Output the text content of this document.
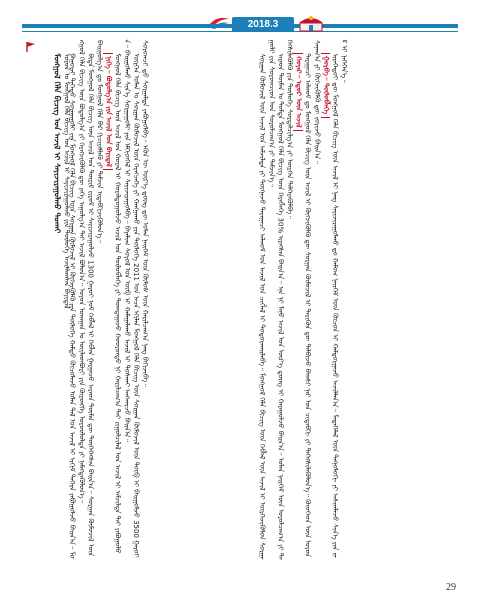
2018.3

ᠮᠣᠩᠭᠣᠯ ᠬᠡᠯᠡ ᠪᠢᠴᠢᠭ ᠤᠨ ᠠᠵᠢᠯ ᠢ ᠰᠠᠶᠢᠵᠢᠷᠠᠭᠤᠯᠬᠤ ᠲᠤᠬᠠᠢ
ᠣᠷᠣᠨ ᠤ ᠮᠣᠩᠭᠣᠯ ᠬᠡᠯᠡ ᠪᠢᠴᠢᠭ ᠤᠨ ᠠᠵᠢᠯ ᠢ ᠰᠠᠶᠢᠵᠢᠷᠠᠭᠤᠯᠬᠤ ᠶᠢᠨ ᠲᠥᠯᠥᠭᠡ ᠠᠵᠢᠯᠯᠠᠭᠰᠠᠨ ᠪᠠᠶᠢᠳᠠᠯ

ᠪᠠᠭᠤᠷᠠᠢ ᠳᠡᠭᠡᠳᠦ ᠰᠤᠷᠭᠠᠭᠤᠯᠢ ᠶᠢᠨ ᠮᠣᠩᠭᠣᠯ ᠬᠡᠯᠡ ᠪᠢᠴᠢᠭ ᠦᠨ ᠰᠤᠷᠭᠠᠨ ᠬᠦᠮᠦᠵᠢᠯ ᠢ ᠬᠥᠭᠵᠢᠭᠦᠯᠬᠦ ᠶᠢᠨ ᠲᠥᠯᠥᠭᠡ ᠬᠠᠮᠲᠤ ᠬᠦᠴᠦᠯᠡᠵᠦ ᠣᠯᠠᠨ ᠲᠠᠯ ᠤᠨ ᠠᠵᠢᠯ ᠢ ᠡᠷᠭᠢᠮ ᠳᠡᠭᠡᠷᠡ ᠶᠠᠪᠤᠭᠤᠯᠵᠤ ᠪᠠᠢᠨ᠎ᠠ᠃ ᠮᠣᠩᠭᠣᠯ ᠬᠡᠯᠡ ᠪᠢᠴᠢᠭ ᠦᠨ ᠪᠤᠳᠤᠯᠭ᠎ᠠ ᠶᠢ ᠬᠡᠷᠡᠭᠵᠢᠭᠦᠯᠬᠦ ᠳᠦ ᠶᠡᠬᠡ ᠠᠭᠤᠯᠭ᠎ᠠ ᠲᠠᠢ ᠠᠵᠢᠯ ᠪᠣᠯᠤᠨ᠎ᠠ᠃ ᠣᠶᠤᠨ ᠤᠬᠠᠭᠠᠨ ᠤ ᠦᠢᠯᠡᠳᠪᠦᠷᠢ ᠶᠢᠨ ᠬᠥᠷᠥᠩᠭᠡ ᠣᠷᠤᠤᠯᠤᠯᠲᠠ ᠶᠢ ᠨᠡᠮᠡᠭᠳᠡᠭᠦᠯᠦᠨ᠎ᠡ᠃
ᠪᠢᠳᠡ ᠮᠣᠩᠭᠣᠯ ᠬᠡᠯᠡ ᠪᠢᠴᠢᠭ ᠦᠨ ᠠᠵᠢᠯ ᠤᠨ ᠳᠦᠷᠢᠮ ᠵᠢᠷᠤᠮ ᠢ ᠰᠠᠶᠢᠵᠢᠷᠠᠭᠤᠯᠵᠤ 1300 ᠭᠠᠷᠤᠢ ᠨᠣᠮ ᠬᠡᠪᠯᠡᠯ ᠢ ᠬᠡᠪᠯᠡᠨ ᠭᠠᠷᠭᠠᠵᠤ ᠠᠷᠠᠳ ᠲᠦᠮᠡᠨ ᠳᠦ ᠲᠦᠭᠡᠭᠡᠭᠰᠡᠨ ᠪᠠᠢᠨ᠎ᠠ᠃ ᠰᠤᠷᠭᠠᠨ ᠬᠦᠮᠦᠵᠢᠯ ᠦᠨ ᠪᠠᠢᠭᠤᠯᠭ᠎ᠠ ᠳᠤ ᠮᠣᠩᠭᠣᠯ ᠬᠡᠯᠡ ᠪᠡᠷ ᠬᠢᠴᠢᠶᠡᠯᠯᠡᠬᠦ ᠶᠢ ᠳᠡᠮᠵᠢᠨ ᠢᠳᠡᠪᠬᠢᠵᠢᠭᠦᠯᠦᠨ᠎ᠡ᠃
ᠨᠢᠭᠡ᠃ ᠪᠣᠳᠣᠯᠭ᠎ᠠ ᠵᠢᠨ ᠠᠵᠢᠯ ᠤᠨ ᠪᠠᠶᠢᠳᠠᠯ
ᠮᠣᠩᠭᠣᠯ ᠬᠡᠯᠡ ᠪᠢᠴᠢᠭ ᠦᠨ ᠠᠵᠢᠯ ᠤᠨ ᠬᠤᠷᠠᠯ ᠢ ᠬᠤᠷᠠᠯᠳᠤᠭᠤᠯᠵᠤ ᠠᠵᠢᠯ ᠤᠨ ᠲᠥᠯᠥᠪᠯᠡᠭᠡ ᠶᠢ ᠲᠣᠭᠲᠠᠭᠠᠵᠤ ᠬᠣᠣᠷᠣᠨᠳᠣ ᠨᠢ ᠬᠠᠷᠢᠯᠴᠠᠭ᠎ᠠ ᠲᠠᠢ ᠵᠢᠭᠤᠯᠴᠢᠯᠠᠯ ᠤᠨ ᠠᠵᠢᠯ ᠢ ᠠᠮᠵᠢᠯᠲᠠ ᠲᠠᠢ ᠶᠠᠪᠤᠭᠤᠯᠪᠠ᠃ ᠪᠠᠢᠭᠤᠯᠬᠤ ᠰᠢᠨ᠎ᠡ ᠰᠤᠷᠭᠠᠭᠤᠯᠢ ᠶᠢᠨ ᠡᠮᠬᠢᠳᠬᠡᠯ ᠢ ᠰᠠᠶᠢᠵᠢᠷᠠᠭᠤᠯᠪᠠ᠃ ᠪᠠᠶᠠᠯᠢᠭ ᠰᠣᠶᠣᠯ ᠤᠨ ᠥᠪ ᠢ ᠬᠠᠮᠠᠭᠠᠯᠠᠬᠤ ᠠᠵᠢᠯ ᠢ ᠲᠤᠰᠬᠠᠢ ᠠᠩᠬᠠᠷᠴᠤ ᠪᠠᠢᠨ᠎ᠠ᠃
ᠥᠷᠭᠡᠨ ᠣᠯᠠᠨ ᠤ ᠰᠤᠷᠭᠠᠨ ᠬᠦᠮᠦᠵᠢᠯ ᠦᠨ ᠬᠡᠷᠡᠭᠴᠡᠭᠡ ᠶᠢ ᠬᠠᠩᠭᠠᠬᠤ ᠶᠢᠨ ᠲᠥᠯᠥᠭᠡ 2011 ᠣᠨ ᠠᠴᠠ ᠡᠬᠢᠯᠡᠨ ᠮᠣᠩᠭᠣᠯ ᠬᠡᠯᠡ ᠪᠢᠴᠢᠭ ᠦᠨ ᠰᠤᠷᠭᠠᠨ ᠬᠦᠮᠦᠵᠢᠯ ᠦᠨ ᠲᠥᠪ ᠢ ᠪᠠᠢᠭᠤᠯᠵᠤ 3500 ᠭᠠᠷᠤᠢ ᠰᠤᠷᠤᠭᠴᠢ ᠳ᠋ᠤ ᠰᠤᠷᠭᠠᠯᠲᠠ ᠶᠠᠪᠤᠭᠤᠯᠪᠠ᠃ ᠡᠭᠦᠨ ᠦ ᠦᠷ᠎ᠡ ᠳ᠋ᠦᠩ ᠳᠦ ᠣᠯᠠᠨ ᠨᠡᠢᠭᠡᠮ ᠦᠨ ᠬᠦᠮᠦᠰ ᠦᠨ ᠬᠠᠷᠢᠯᠴᠠᠭ᠎ᠠ ᠨᠡᠩ ᠪᠡᠬᠢᠵᠢᠪᠡ᠃
	ᠰᠤᠷᠭᠠᠨ ᠬᠦᠮᠦᠵᠢᠯ ᠦᠨ ᠠᠵᠢᠯ ᠤᠨ ᠠᠮᠵᠢᠯᠲᠠ ᠶᠢ ᠳᠦᠭᠨᠡᠵᠦ ᠳᠠᠷᠠᠭᠠᠴᠢ ᠠᠯᠬᠤᠮ ᠤᠨ ᠠᠵᠢᠯ ᠤᠨ ᠴᠢᠭᠯᠡᠯ ᠢ ᠲᠣᠳᠤᠷᠬᠠᠢᠯᠠᠪᠠ᠃ ᠮᠣᠩᠭᠣᠯ ᠬᠡᠯᠡ ᠪᠢᠴᠢᠭ ᠦᠨ ᠬᠡᠪᠯᠡᠯ ᠦᠨ ᠠᠵᠢᠯ ᠢ ᠥᠷᠭᠡᠵᠢᠭᠦᠯᠦᠨ ᠰᠤᠷᠭᠠᠭᠤᠯᠢ ᠶᠢᠨ ᠰᠤᠷᠤᠭᠴᠢᠳ ᠤᠨ ᠰᠤᠷᠤᠯᠴᠠᠭ᠎ᠠ ᠶᠢ ᠳᠡᠮᠵᠢᠨ᠎ᠡ᠃
ᠠᠷᠠᠳ ᠲᠦᠮᠡᠨ ᠤ ᠳᠤᠮᠳᠠ ᠮᠣᠩᠭᠣᠯ ᠬᠡᠯᠡ ᠪᠢᠴᠢᠭ ᠦᠨ ᠬᠡᠷᠡᠭᠯᠡᠭᠡ 30% ᠢᠷᠡᠭᠰᠡᠨ ᠪᠠᠢᠨ᠎ᠠ᠃ ᠡᠨᠡ ᠨᠢ ᠮᠠᠨᠤ ᠠᠵᠢᠯ ᠤᠨ ᠦᠷ᠎ᠡ ᠳ᠋ᠦᠩ ᠢ ᠬᠠᠷᠠᠭᠤᠯᠵᠤ ᠪᠠᠢᠨ᠎ᠠ᠃ ᠣᠯᠠᠨ ᠨᠡᠢᠭᠡᠮ ᠦᠨ ᠣᠷᠣᠯᠴᠠᠭ᠎ᠠ ᠶᠢ ᠳᠡᠭᠡᠭᠰᠢᠯᠡᠭᠦᠯᠬᠦ ᠶᠢᠨ ᠲᠥᠯᠥᠭᠡ ᠰᠤᠷᠲᠠᠯᠴᠢᠯᠭ᠎ᠠ ᠶᠢ ᠥᠷᠭᠡᠨ ᠳᠡᠯᠭᠡᠷᠡᠭᠦᠯᠪᠡ᠃
ᠬᠣᠶᠠᠷ᠃ ᠡᠳᠦᠷ ᠦᠨ ᠠᠵᠢᠯ
ᠳᠠᠷᠠᠭᠠᠴᠢ ᠠᠯᠬᠤᠮ ᠳᠤ ᠮᠣᠩᠭᠣᠯ ᠬᠡᠯᠡ ᠪᠢᠴᠢᠭ ᠦᠨ ᠠᠵᠢᠯ ᠢ ᠬᠥᠭᠵᠢᠭᠦᠯᠬᠦ ᠳᠦ ᠰᠤᠷᠭᠠᠨ ᠬᠦᠮᠦᠵᠢᠯ ᠢ ᠲᠡᠷᠢᠭᠦᠨ ᠳᠦ ᠲᠠᠯᠪᠢᠵᠤ ᠪᠠᠭᠰᠢ ᠨᠠᠷ ᠤᠨ ᠴᠢᠳᠠᠪᠬᠢ ᠶᠢ ᠳᠡᠭᠡᠭᠰᠢᠯᠡᠭᠦᠯᠦᠨ᠎ᠡ᠃ ᠬᠦᠦᠬᠡᠳ ᠦᠨ ᠣᠶᠤᠨ ᠰᠠᠨᠠᠭ᠎ᠠ ᠶᠢ ᠬᠥᠭᠵᠢᠭᠦᠯᠬᠦ ᠳᠦ ᠵᠣᠷᠢᠵᠤ ᠪᠠᠢᠨ᠎ᠠ᠃
ᠭᠤᠷᠪᠠ᠃ ᠲᠥᠯᠥᠪᠯᠡᠭᠡ
ᠢᠷᠡᠭᠡᠳᠦᠢ ᠳᠦ ᠮᠣᠩᠭᠣᠯ ᠬᠡᠯᠡ ᠪᠢᠴᠢᠭ ᠦᠨ ᠠᠵᠢᠯ ᠢ ᠨᠡᠩ ᠰᠠᠶᠢᠵᠢᠷᠠᠭᠤᠯᠬᠤ ᠳᠤ ᠬᠠᠮᠤᠭ ᠨᠡᠢᠭᠡᠮ ᠦᠨ ᠬᠦᠴᠦᠨ ᠢ ᠬᠠᠮᠲᠤᠷᠭᠠᠵᠤ ᠠᠵᠢᠯᠯᠠᠨ᠎ᠠ᠃ ᠮᠡᠳᠡᠭᠡᠯᠡᠯ ᠦᠨ ᠲᠡᠭᠨᠣᠯᠣᠭᠢ ᠶᠢ ᠠᠰᠢᠭᠯᠠᠵᠤ ᠰᠢᠨ᠎ᠡ ᠶᠢᠨ ᠵᠠᠮ ᠢ ᠨᠡᠭᠡᠭᠡᠨ᠎ᠡ᠃

29
